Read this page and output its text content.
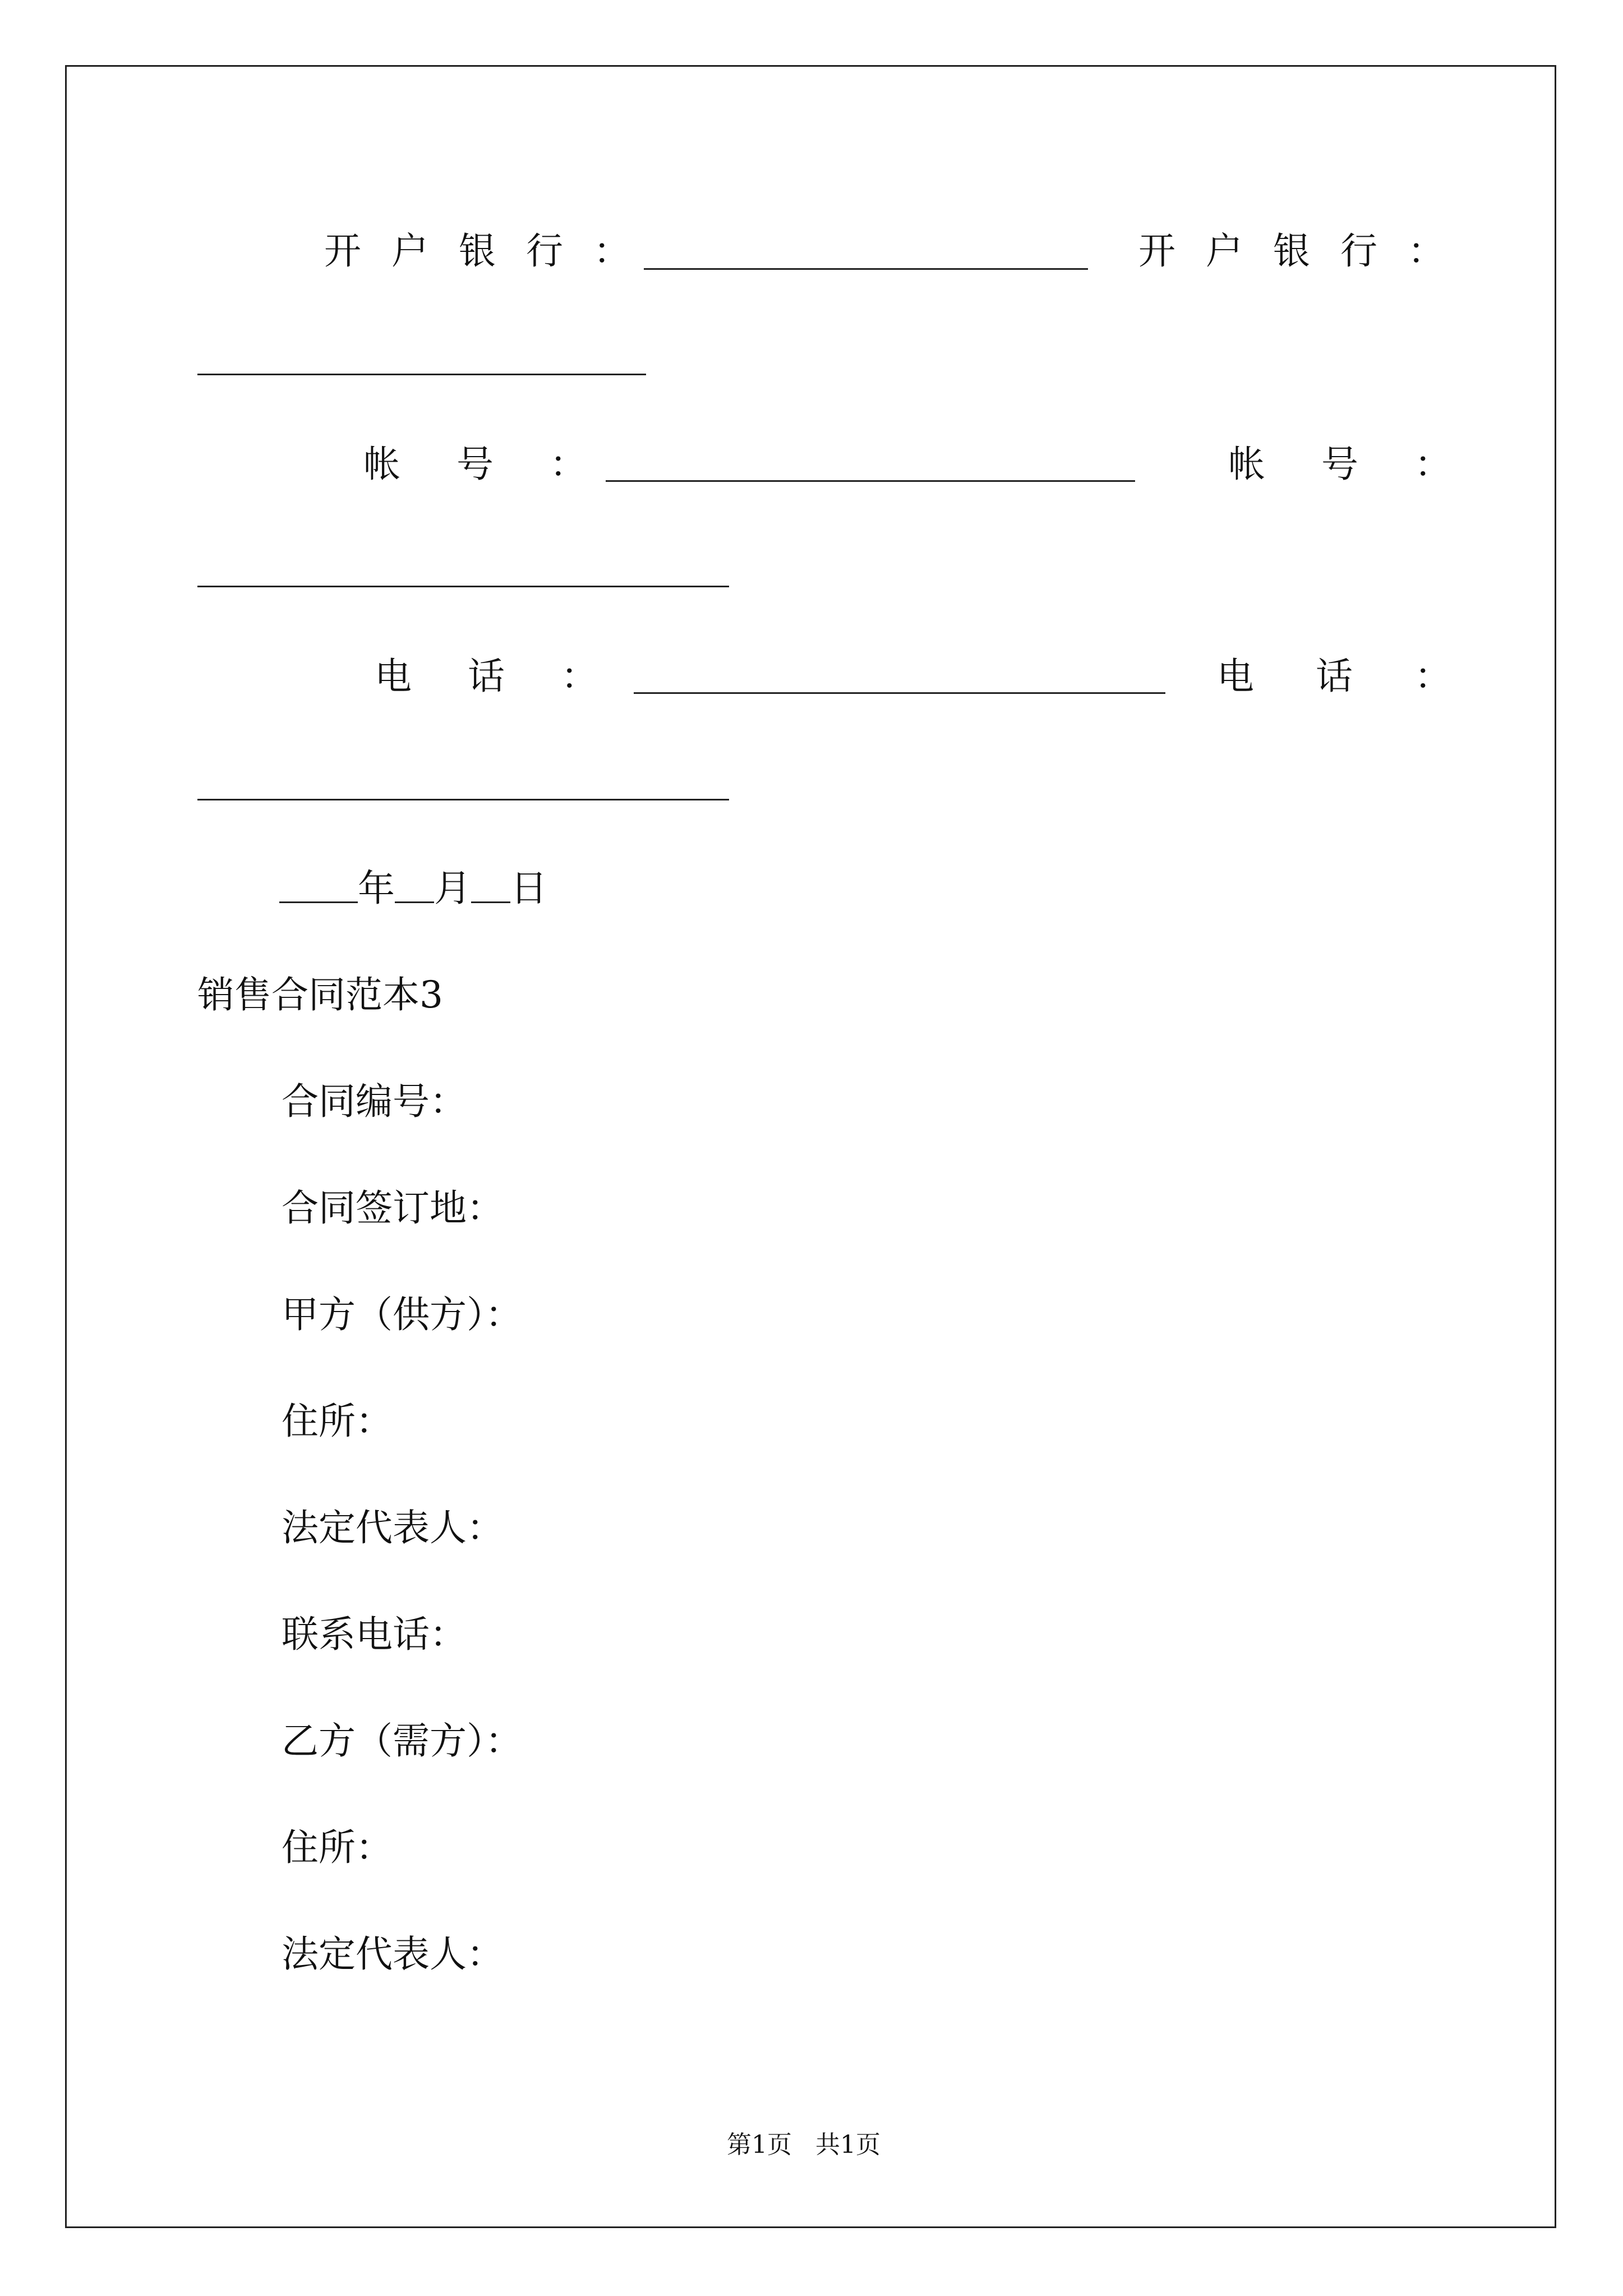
开 户 银 行 ：	开 户 银 行 ：
帐 号 ：	帐 号 ：
电 话 ：	电 话 ：
年 月 日
销售合同范本3
合同编号：
合同签订地：
甲方（供方）：
住所：
法定代表人：
联系电话：
乙方（需方）：
住所：
法定代表人：
第1页 共1页
